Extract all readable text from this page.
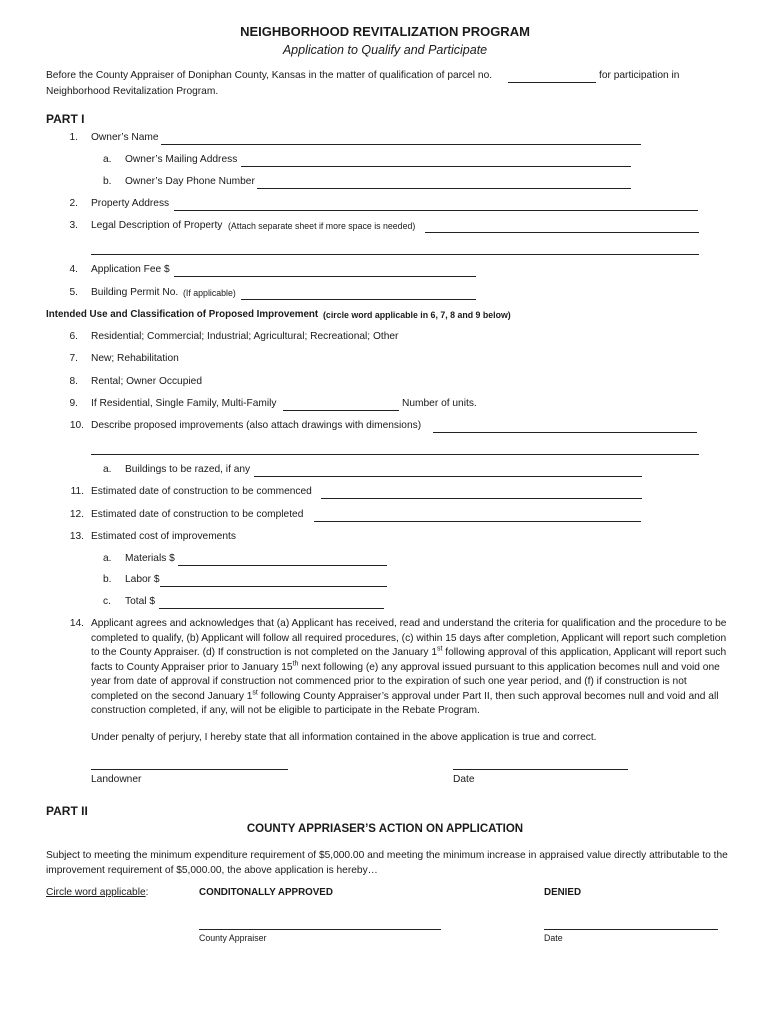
NEIGHBORHOOD REVITALIZATION PROGRAM
Application to Qualify and Participate
Before the County Appraiser of Doniphan County, Kansas in the matter of qualification of parcel no.	for participation in
Neighborhood Revitalization Program.
PART I
1. Owner’s Name
a. Owner’s Mailing Address
b. Owner’s Day Phone Number
2. Property Address
3. Legal Description of Property (Attach separate sheet if more space is needed)
4. Application Fee $
5. Building Permit No. (If applicable)
Intended Use and Classification of Proposed Improvement (circle word applicable in 6, 7, 8 and 9 below)
6. Residential; Commercial; Industrial; Agricultural; Recreational; Other
7. New; Rehabilitation
8. Rental; Owner Occupied
9. If Residential, Single Family, Multi-Family	Number of units.
10. Describe proposed improvements (also attach drawings with dimensions)
a. Buildings to be razed, if any
11. Estimated date of construction to be commenced
12. Estimated date of construction to be completed
13. Estimated cost of improvements
a. Materials $
b. Labor $
c. Total $
14. Applicant agrees and acknowledges that (a) Applicant has received, read and understand the criteria for qualification and the procedure to be completed to qualify, (b) Applicant will follow all required procedures, (c) within 15 days after completion, Applicant will report such completion to the County Appraiser. (d) If construction is not completed on the January 1st following approval of this application, Applicant will report such facts to County Appraiser prior to January 15th next following (e) any approval issued pursuant to this application becomes null and void one year from date of approval if construction not commenced prior to the expiration of such one year period, and (f) if construction is not completed on the second January 1st following County Appraiser’s approval under Part II, then such approval becomes null and void and all construction completed, if any, will not be eligible to participate in the Rebate Program.
Under penalty of perjury, I hereby state that all information contained in the above application is true and correct.
Landowner	Date
PART II
COUNTY APPRIASER’S ACTION ON APPLICATION
Subject to meeting the minimum expenditure requirement of $5,000.00 and meeting the minimum increase in appraised value directly attributable to the improvement requirement of $5,000.00, the above application is hereby…
Circle word applicable:	CONDITONALLY APPROVED	DENIED
County Appraiser	Date
